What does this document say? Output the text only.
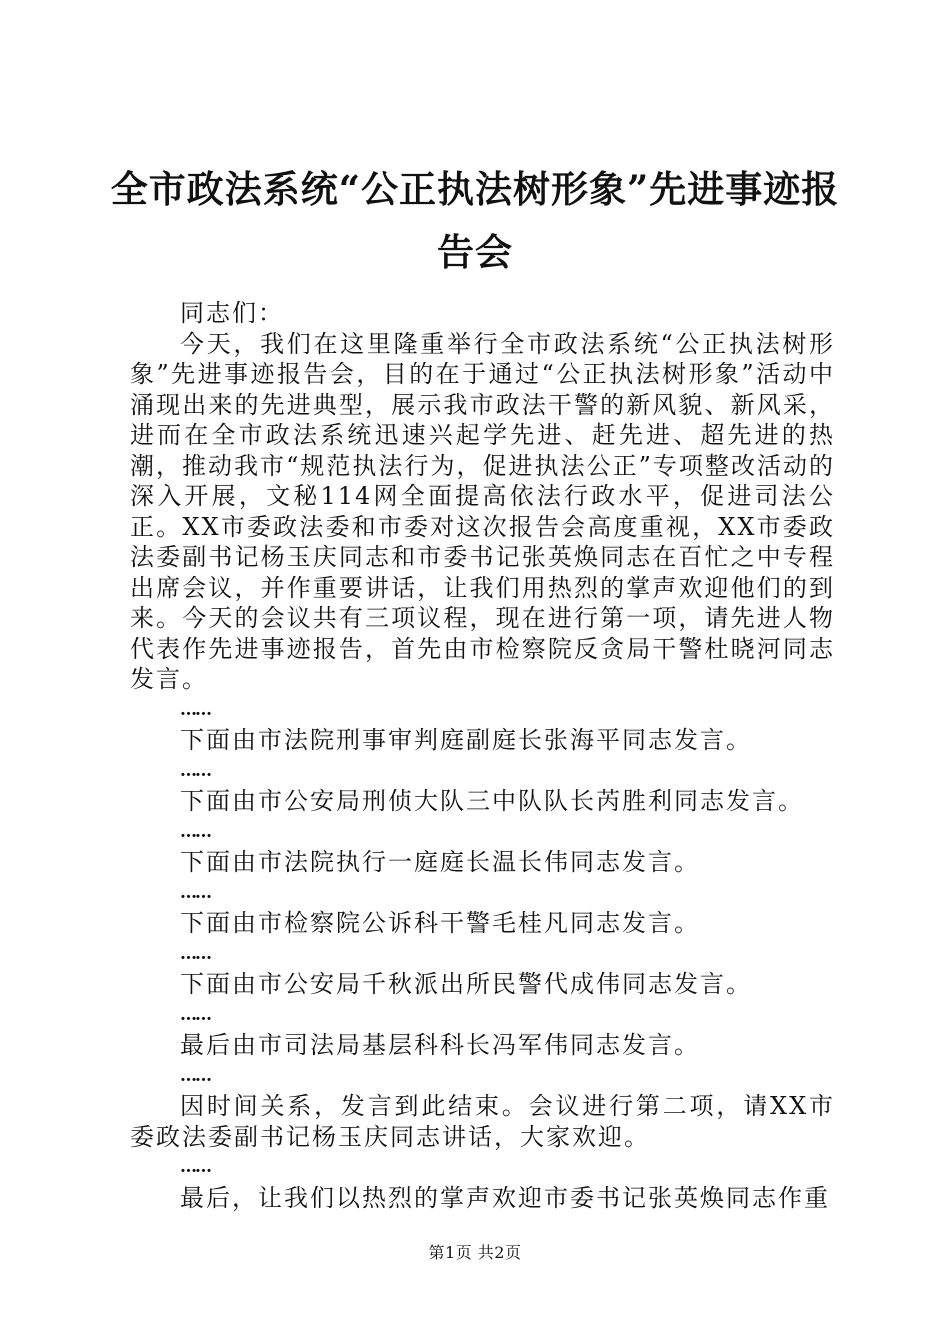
全市政法系统“公正执法树形象”先进事迹报告会

同志们：

今天，我们在这里隆重举行全市政法系统“公正执法树形象”先进事迹报告会，目的在于通过“公正执法树形象”活动中涌现出来的先进典型，展示我市政法干警的新风貌、新风采，进而在全市政法系统迅速兴起学先进、赶先进、超先进的热潮，推动我市“规范执法行为，促进执法公正”专项整改活动的深入开展，文秘114网全面提高依法行政水平，促进司法公正。XX市委政法委和市委对这次报告会高度重视，XX市委政法委副书记杨玉庆同志和市委书记张英焕同志在百忙之中专程出席会议，并作重要讲话，让我们用热烈的掌声欢迎他们的到来。今天的会议共有三项议程，现在进行第一项，请先进人物代表作先进事迹报告，首先由市检察院反贪局干警杜晓河同志发言。

……

下面由市法院刑事审判庭副庭长张海平同志发言。

……

下面由市公安局刑侦大队三中队队长芮胜利同志发言。

……

下面由市法院执行一庭庭长温长伟同志发言。

……

下面由市检察院公诉科干警毛桂凡同志发言。

……

下面由市公安局千秋派出所民警代成伟同志发言。

……

最后由市司法局基层科科长冯军伟同志发言。

……

因时间关系，发言到此结束。会议进行第二项，请XX市委政法委副书记杨玉庆同志讲话，大家欢迎。

……

最后，让我们以热烈的掌声欢迎市委书记张英焕同志作重

第1页 共2页
